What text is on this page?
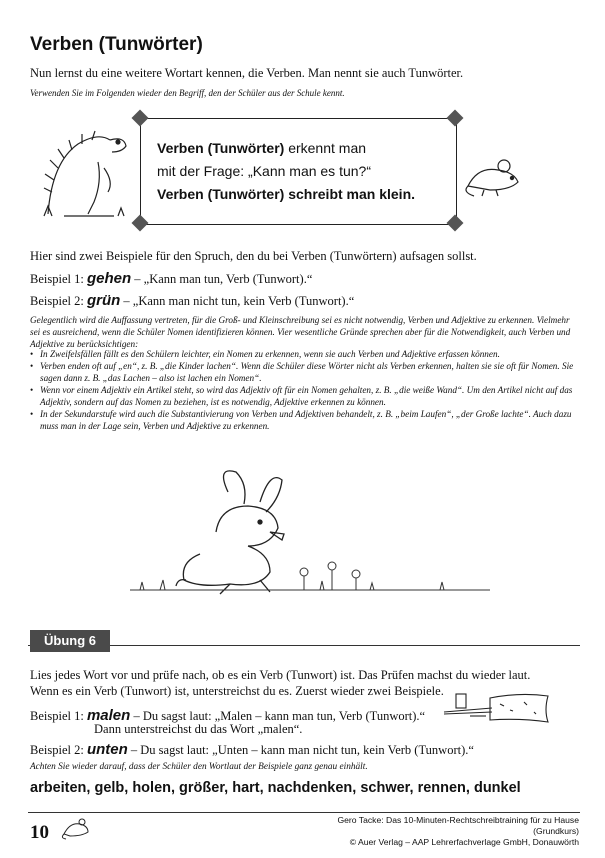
Verben (Tunwörter)
Nun lernst du eine weitere Wortart kennen, die Verben. Man nennt sie auch Tunwörter.
Verwenden Sie im Folgenden wieder den Begriff, den der Schüler aus der Schule kennt.
Verben (Tunwörter) erkennt man
mit der Frage: „Kann man es tun?“
Verben (Tunwörter) schreibt man klein.
Hier sind zwei Beispiele für den Spruch, den du bei Verben (Tunwörtern) aufsagen sollst.
Beispiel 1: gehen – „Kann man tun, Verb (Tunwort).“
Beispiel 2: grün – „Kann man nicht tun, kein Verb (Tunwort).“
Gelegentlich wird die Auffassung vertreten, für die Groß- und Kleinschreibung sei es nicht notwendig, Verben und Adjektive zu erkennen. Vielmehr sei es ausreichend, wenn die Schüler Nomen identifizieren können. Vier wesentliche Gründe sprechen aber für die Notwendigkeit, auch Verben und Adjektive zu berücksichtigen:
• In Zweifelsfällen fällt es den Schülern leichter, ein Nomen zu erkennen, wenn sie auch Verben und Adjektive erfassen können.
• Verben enden oft auf „en“, z. B. „die Kinder lachen“. Wenn die Schüler diese Wörter nicht als Verben erkennen, halten sie sie oft für Nomen. Sie sagen dann z. B. „das Lachen – also ist lachen ein Nomen“.
• Wenn vor einem Adjektiv ein Artikel steht, so wird das Adjektiv oft für ein Nomen gehalten, z. B. „die weiße Wand“. Um den Artikel nicht auf das Adjektiv, sondern auf das Nomen zu beziehen, ist es notwendig, Adjektive erkennen zu können.
• In der Sekundarstufe wird auch die Substantivierung von Verben und Adjektiven behandelt, z. B. „beim Laufen“, „der Große lachte“. Auch dazu muss man in der Lage sein, Verben und Adjektive zu erkennen.
Übung 6
Lies jedes Wort vor und prüfe nach, ob es ein Verb (Tunwort) ist. Das Prüfen machst du wieder laut. Wenn es ein Verb (Tunwort) ist, unterstreichst du es. Zuerst wieder zwei Beispiele.
Beispiel 1: malen – Du sagst laut: „Malen – kann man tun, Verb (Tunwort).“
Dann unterstreichst du das Wort „malen“.
Beispiel 2: unten – Du sagst laut: „Unten – kann man nicht tun, kein Verb (Tunwort).“
Achten Sie wieder darauf, dass der Schüler den Wortlaut der Beispiele ganz genau einhält.
arbeiten, gelb, holen, größer, hart, nachdenken, schwer, rennen, dunkel
10
Gero Tacke: Das 10-Minuten-Rechtschreibtraining für zu Hause (Grundkurs)
© Auer Verlag – AAP Lehrerfachverlage GmbH, Donauwörth
